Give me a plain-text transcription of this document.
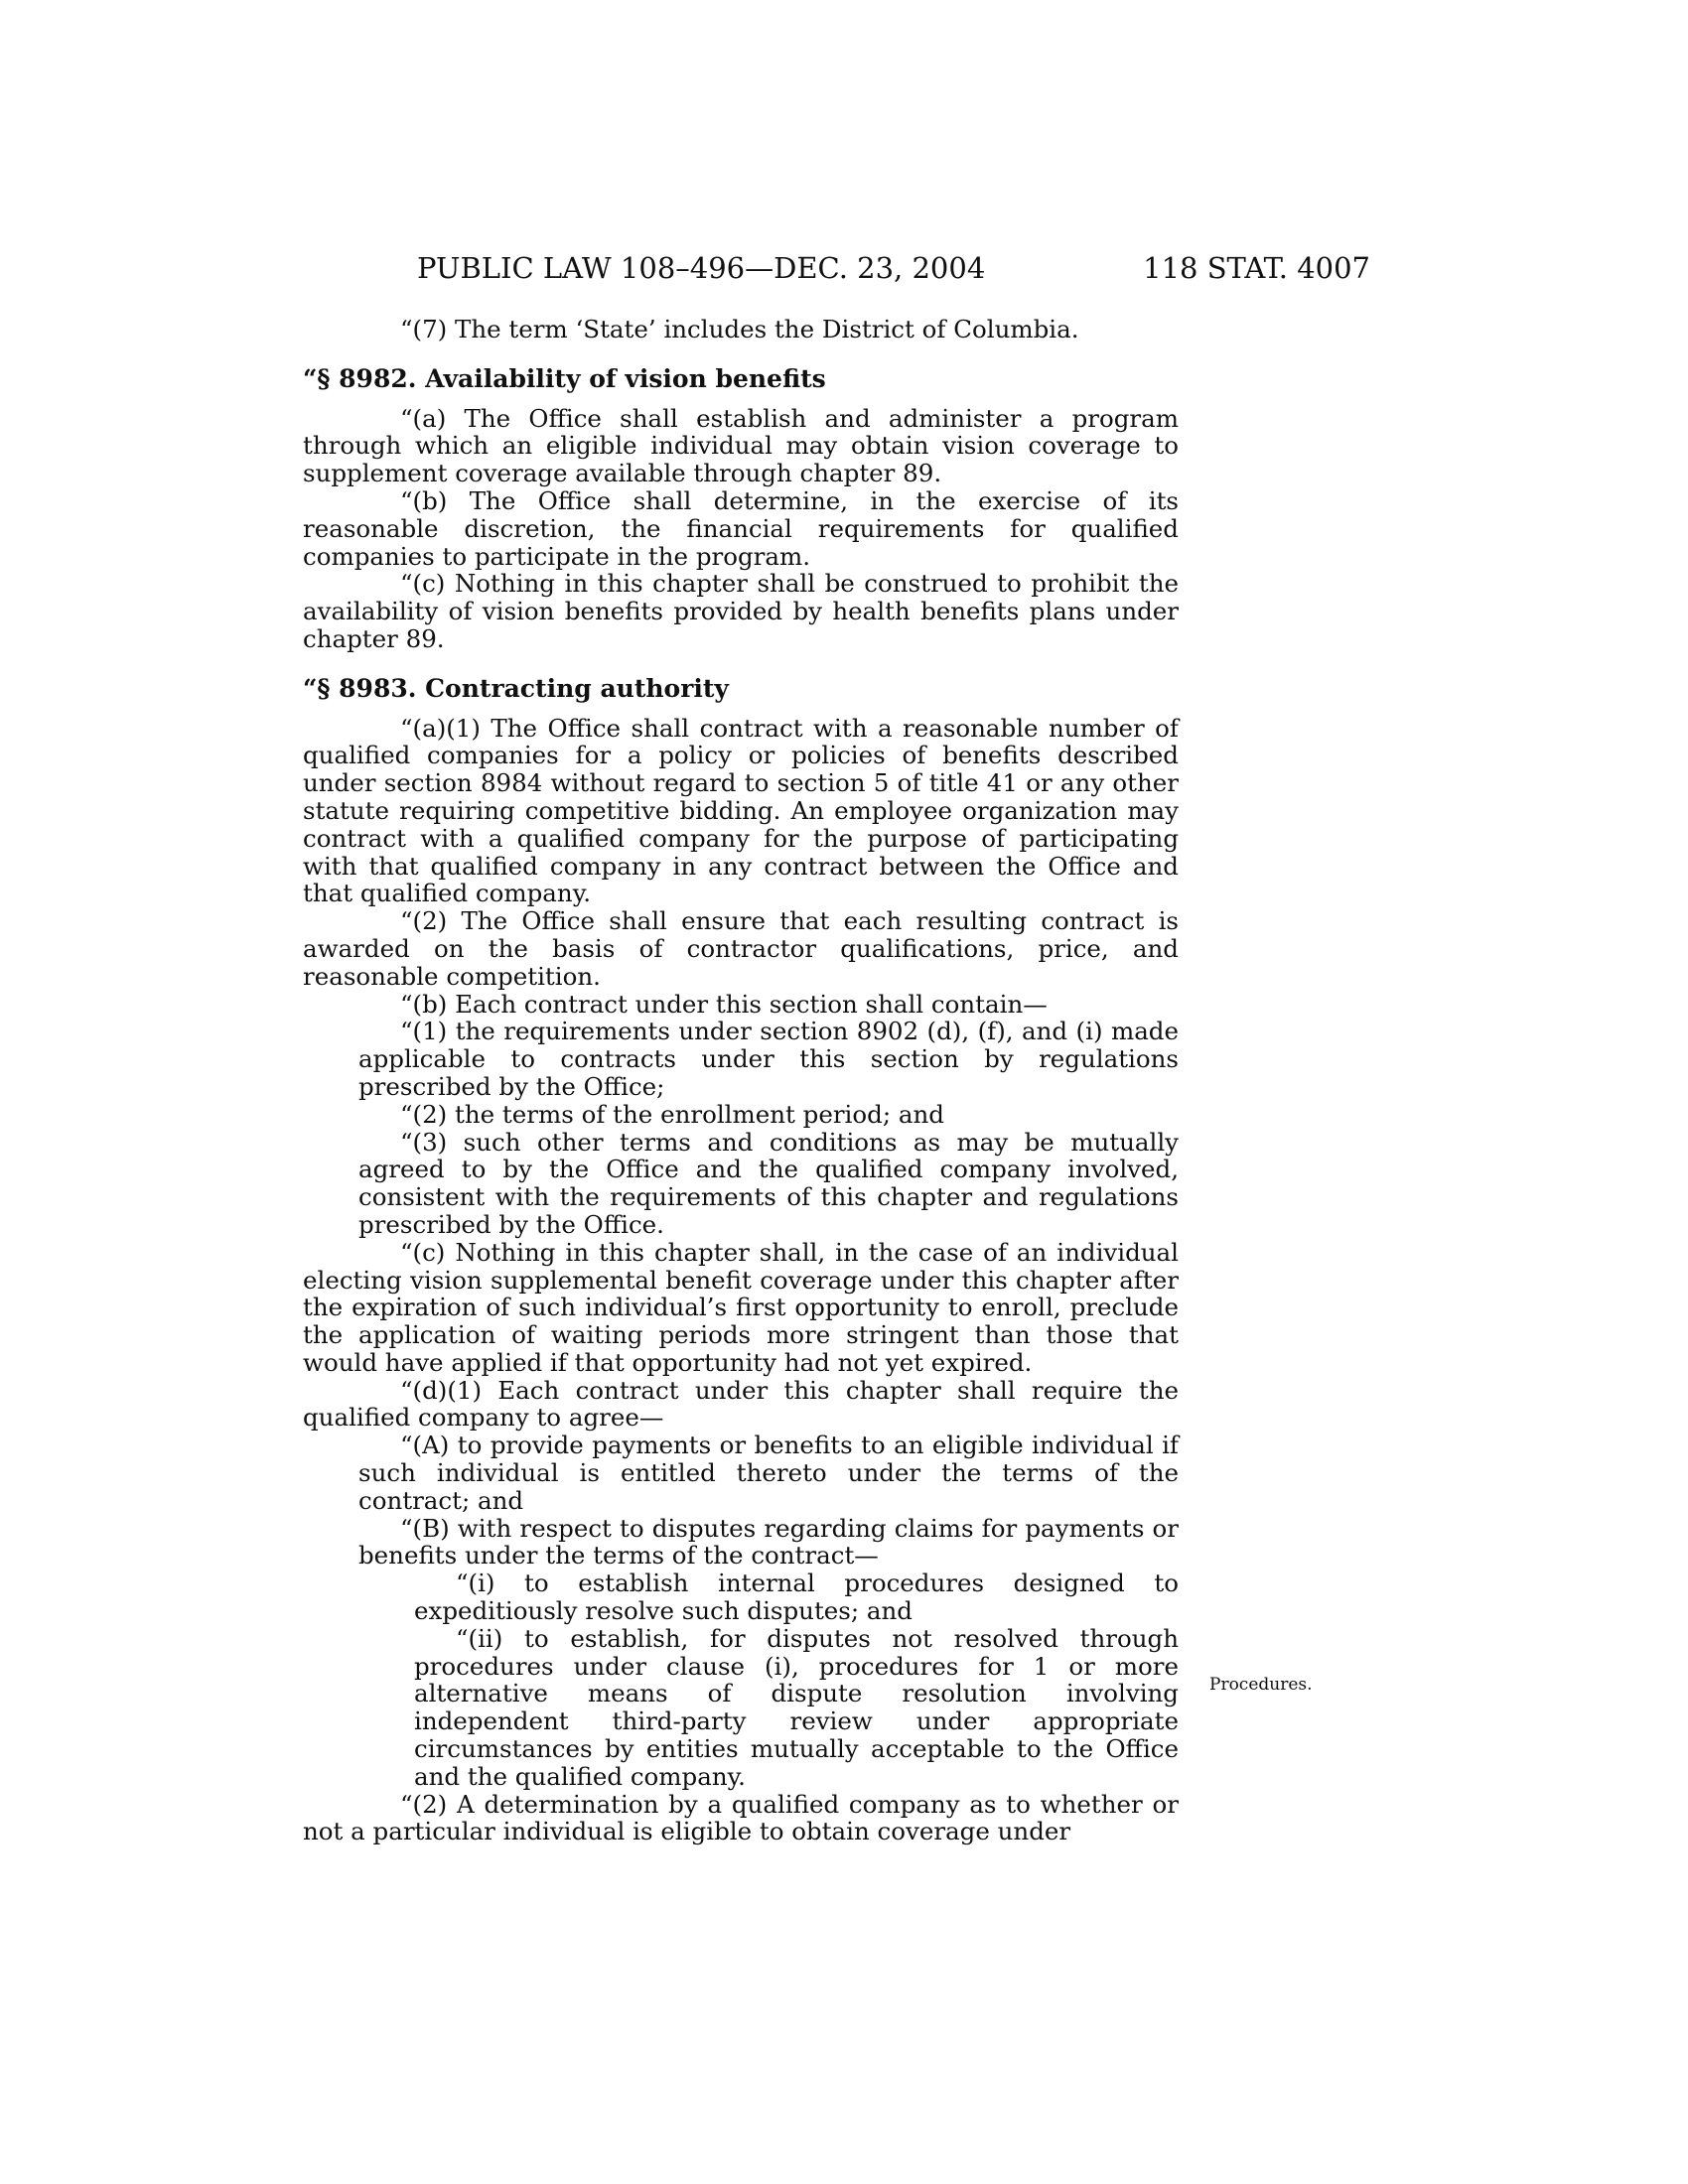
PUBLIC LAW 108–496—DEC. 23, 2004	118 STAT. 4007

“(7) The term ‘State’ includes the District of Columbia.

“§ 8982. Availability of vision benefits

“(a) The Office shall establish and administer a program through which an eligible individual may obtain vision coverage to supplement coverage available through chapter 89.

“(b) The Office shall determine, in the exercise of its reasonable discretion, the financial requirements for qualified companies to participate in the program.

“(c) Nothing in this chapter shall be construed to prohibit the availability of vision benefits provided by health benefits plans under chapter 89.

“§ 8983. Contracting authority

“(a)(1) The Office shall contract with a reasonable number of qualified companies for a policy or policies of benefits described under section 8984 without regard to section 5 of title 41 or any other statute requiring competitive bidding. An employee organization may contract with a qualified company for the purpose of participating with that qualified company in any contract between the Office and that qualified company.

“(2) The Office shall ensure that each resulting contract is awarded on the basis of contractor qualifications, price, and reasonable competition.

“(b) Each contract under this section shall contain—

“(1) the requirements under section 8902 (d), (f), and (i) made applicable to contracts under this section by regulations prescribed by the Office;

“(2) the terms of the enrollment period; and

“(3) such other terms and conditions as may be mutually agreed to by the Office and the qualified company involved, consistent with the requirements of this chapter and regulations prescribed by the Office.

“(c) Nothing in this chapter shall, in the case of an individual electing vision supplemental benefit coverage under this chapter after the expiration of such individual’s first opportunity to enroll, preclude the application of waiting periods more stringent than those that would have applied if that opportunity had not yet expired.

“(d)(1) Each contract under this chapter shall require the qualified company to agree—

“(A) to provide payments or benefits to an eligible individual if such individual is entitled thereto under the terms of the contract; and

“(B) with respect to disputes regarding claims for payments or benefits under the terms of the contract—

“(i) to establish internal procedures designed to expeditiously resolve such disputes; and

“(ii) to establish, for disputes not resolved through procedures under clause (i), procedures for 1 or more alternative means of dispute resolution involving independent third-party review under appropriate circumstances by entities mutually acceptable to the Office and the qualified company.

“(2) A determination by a qualified company as to whether or not a particular individual is eligible to obtain coverage under

Procedures.
